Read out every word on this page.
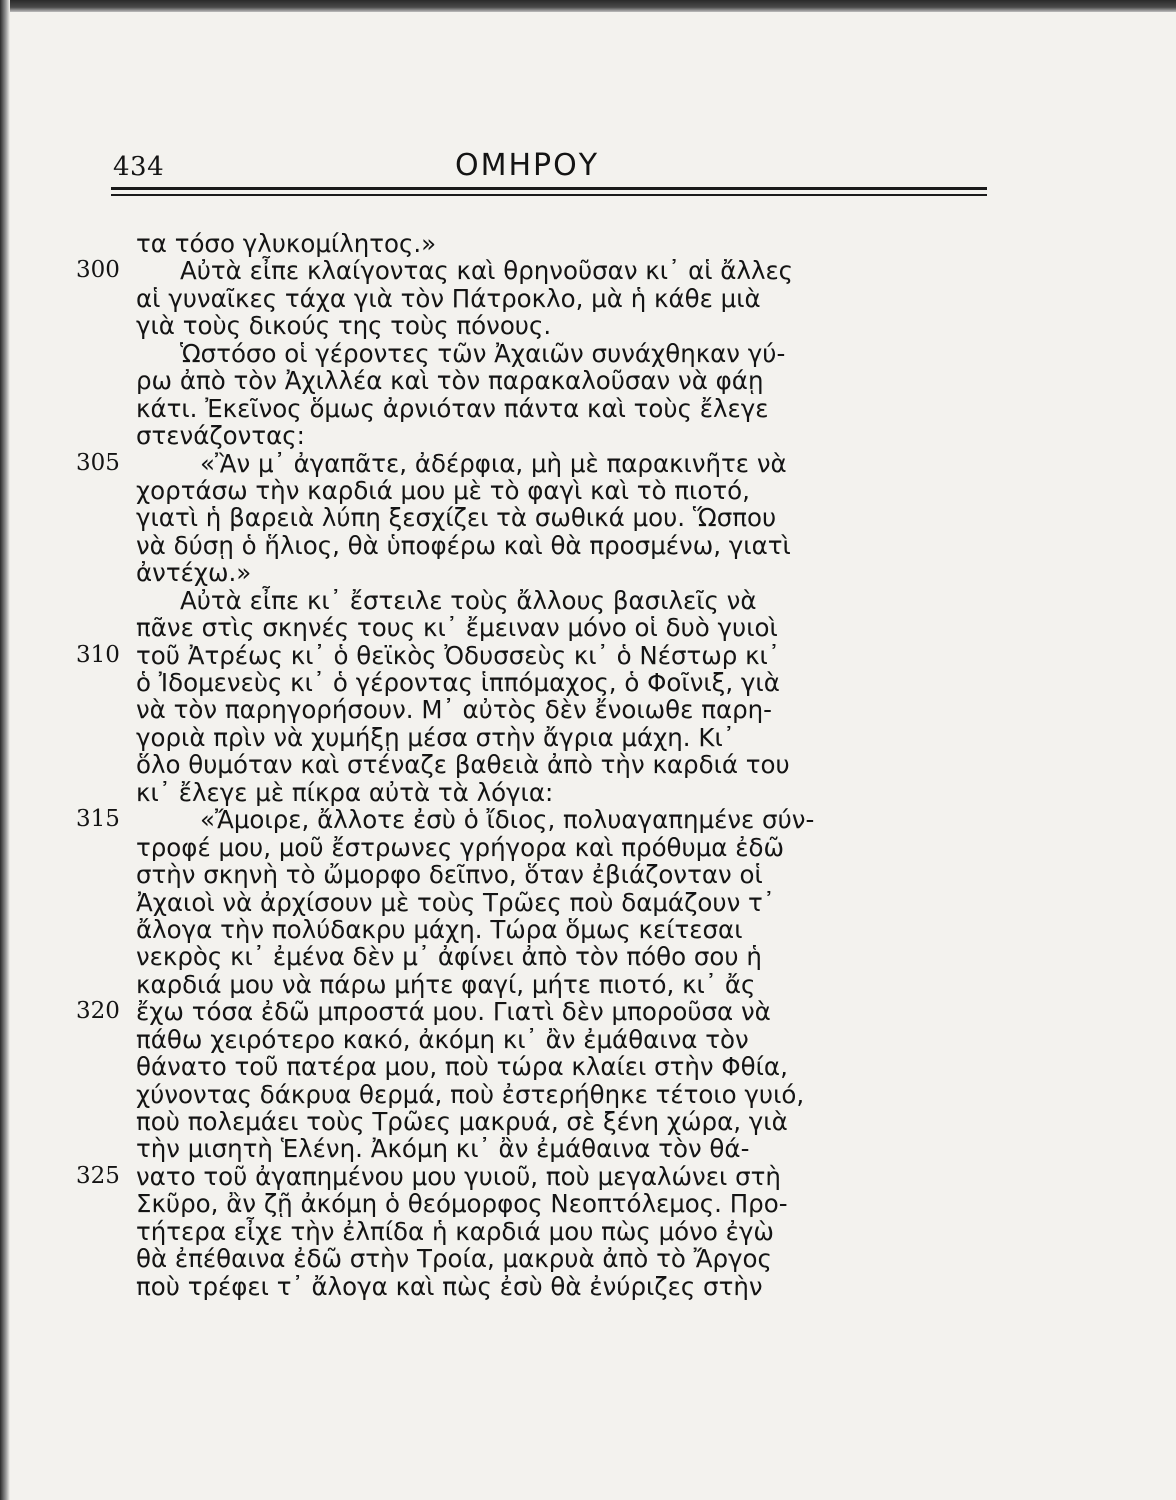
434	ΟΜΗΡΟΥ
τα τόσο γλυκομίλητος.»
300 Αὐτὰ εἶπε κλαίγοντας καὶ θρηνοῦσαν κι᾽ αἱ ἄλλες
αἱ γυναῖκες τάχα γιὰ τὸν Πάτροκλο, μὰ ἡ κάθε μιὰ
γιὰ τοὺς δικούς της τοὺς πόνους.
Ὡστόσο οἱ γέροντες τῶν Ἀχαιῶν συνάχθηκαν γύ-
ρω ἀπὸ τὸν Ἀχιλλέα καὶ τὸν παρακαλοῦσαν νὰ φάῃ
κάτι. Ἐκεῖνος ὅμως ἀρνιόταν πάντα καὶ τοὺς ἔλεγε
στενάζοντας:
305	«Ἂν μ᾽ ἀγαπᾶτε, ἀδέρφια, μὴ μὲ παρακινῆτε νὰ
χορτάσω τὴν καρδιά μου μὲ τὸ φαγὶ καὶ τὸ πιοτό,
γιατὶ ἡ βαρειὰ λύπη ξεσχίζει τὰ σωθικά μου. Ὥσπου
νὰ δύσῃ ὁ ἥλιος, θὰ ὑποφέρω καὶ θὰ προσμένω, γιατὶ
ἀντέχω.»
Αὐτὰ εἶπε κι᾽ ἔστειλε τοὺς ἄλλους βασιλεῖς νὰ
πᾶνε στὶς σκηνές τους κι᾽ ἔμειναν μόνο οἱ δυὸ γυιοὶ
310 τοῦ Ἀτρέως κι᾽ ὁ θεϊκὸς Ὀδυσσεὺς κι᾽ ὁ Νέστωρ κι᾽
ὁ Ἰδομενεὺς κι᾽ ὁ γέροντας ἱππόμαχος, ὁ Φοῖνιξ, γιὰ
νὰ τὸν παρηγορήσουν. Μ᾽ αὐτὸς δὲν ἔνοιωθε παρη-
γοριὰ πρὶν νὰ χυμήξῃ μέσα στὴν ἄγρια μάχη. Κι᾽
ὅλο θυμόταν καὶ στέναζε βαθειὰ ἀπὸ τὴν καρδιά του
κι᾽ ἔλεγε μὲ πίκρα αὐτὰ τὰ λόγια:
315	«Ἄμοιρε, ἄλλοτε ἐσὺ ὁ ἴδιος, πολυαγαπημένε σύν-
τροφέ μου, μοῦ ἔστρωνες γρήγορα καὶ πρόθυμα ἐδῶ
στὴν σκηνὴ τὸ ὤμορφο δεῖπνο, ὅταν ἐβιάζονταν οἱ
Ἀχαιοὶ νὰ ἀρχίσουν μὲ τοὺς Τρῶες ποὺ δαμάζουν τ᾽
ἄλογα τὴν πολύδακρυ μάχη. Τώρα ὅμως κείτεσαι
νεκρὸς κι᾽ ἐμένα δὲν μ᾽ ἀφίνει ἀπὸ τὸν πόθο σου ἡ
καρδιά μου νὰ πάρω μήτε φαγί, μήτε πιοτό, κι᾽ ἄς
320 ἔχω τόσα ἐδῶ μπροστά μου. Γιατὶ δὲν μποροῦσα νὰ
πάθω χειρότερο κακό, ἀκόμη κι᾽ ἂν ἐμάθαινα τὸν
θάνατο τοῦ πατέρα μου, ποὺ τώρα κλαίει στὴν Φθία,
χύνοντας δάκρυα θερμά, ποὺ ἐστερήθηκε τέτοιο γυιό,
ποὺ πολεμάει τοὺς Τρῶες μακρυά, σὲ ξένη χώρα, γιὰ
τὴν μισητὴ Ἑλένη. Ἀκόμη κι᾽ ἂν ἐμάθαινα τὸν θά-
325 νατο τοῦ ἀγαπημένου μου γυιοῦ, ποὺ μεγαλώνει στὴ
Σκῦρο, ἂν ζῇ ἀκόμη ὁ θεόμορφος Νεοπτόλεμος. Προ-
τήτερα εἶχε τὴν ἐλπίδα ἡ καρδιά μου πὼς μόνο ἐγὼ
θὰ ἐπέθαινα ἐδῶ στὴν Τροία, μακρυὰ ἀπὸ τὸ Ἄργος
ποὺ τρέφει τ᾽ ἄλογα καὶ πὼς ἐσὺ θὰ ἐνύριζες στὴν
